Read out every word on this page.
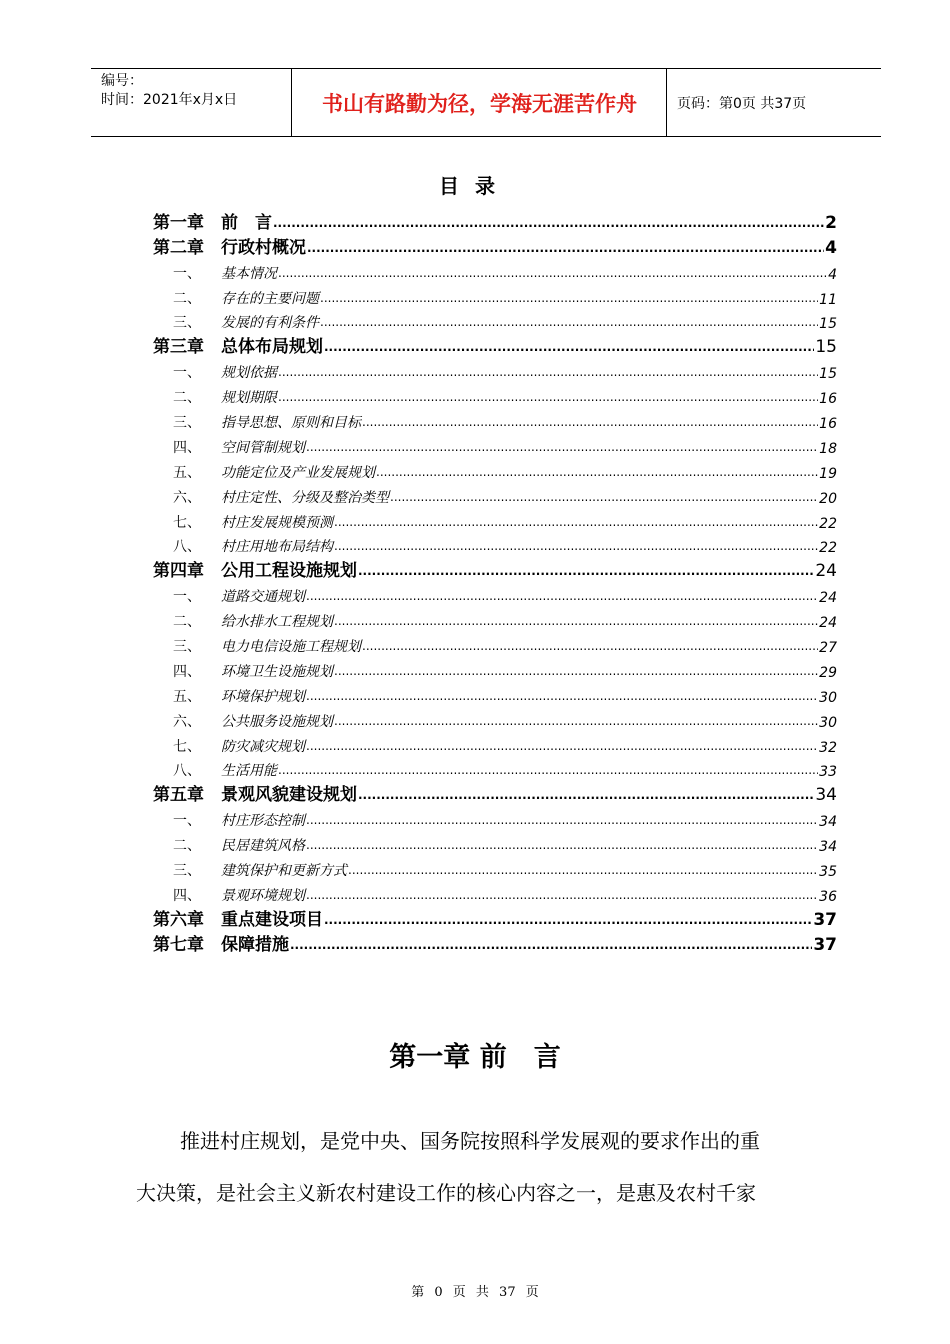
编号：
时间：2021年x月x日	书山有路勤为径，学海无涯苦作舟	页码：第0页 共37页
目录
第一章	前　言 .....	2
第二章	行政村概况 .....	4
一、	基本情况 .....	4
二、	存在的主要问题 .....	11
三、	发展的有利条件 .....	15
第三章	总体布局规划 .....	15
一、	规划依据 .....	15
二、	规划期限 .....	16
三、	指导思想、原则和目标 .....	16
四、	空间管制规划 .....	18
五、	功能定位及产业发展规划 .....	19
六、	村庄定性、分级及整治类型 .....	20
七、	村庄发展规模预测 .....	22
八、	村庄用地布局结构 .....	22
第四章	公用工程设施规划 .....	24
一、	道路交通规划 .....	24
二、	给水排水工程规划 .....	24
三、	电力电信设施工程规划 .....	27
四、	环境卫生设施规划 .....	29
五、	环境保护规划 .....	30
六、	公共服务设施规划 .....	30
七、	防灾减灾规划 .....	32
八、	生活用能 .....	33
第五章	景观风貌建设规划 .....	34
一、	村庄形态控制 .....	34
二、	民居建筑风格 .....	34
三、	建筑保护和更新方式 .....	35
四、	景观环境规划 .....	36
第六章	重点建设项目 .....	37
第七章	保障措施 .....	37
第一章 前　言
推进村庄规划，是党中央、国务院按照科学发展观的要求作出的重
大决策，是社会主义新农村建设工作的核心内容之一，是惠及农村千家
第 0 页 共 37 页
